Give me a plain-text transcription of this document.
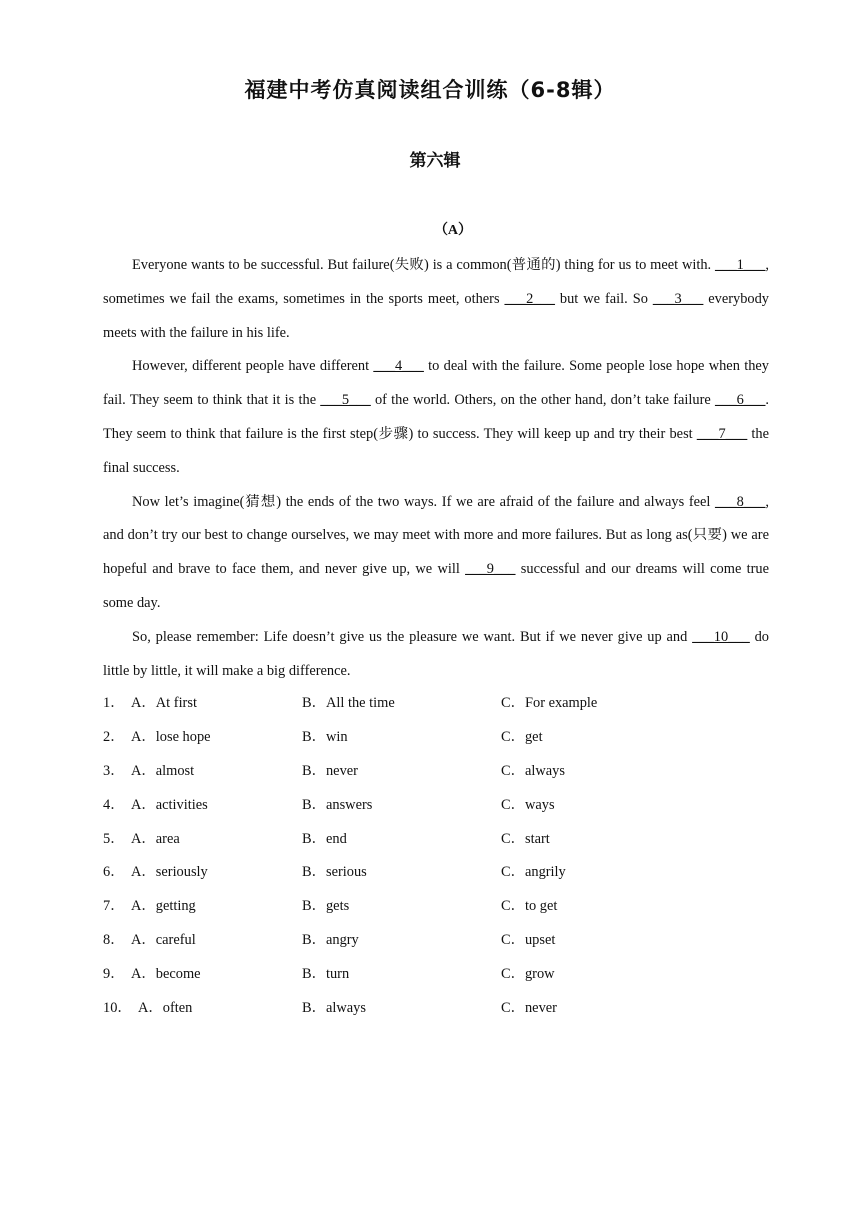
福建中考仿真阅读组合训练（6-8辑）
第六辑
（A）

Everyone wants to be successful. But failure(失败) is a common(普通的) thing for us to meet with. ___1___, sometimes we fail the exams, sometimes in the sports meet, others ___2___ but we fail. So ___3___ everybody meets with the failure in his life.

However, different people have different ___4___ to deal with the failure. Some people lose hope when they fail. They seem to think that it is the ___5___ of the world. Others, on the other hand, don’t take failure ___6___. They seem to think that failure is the first step(步骤) to success. They will keep up and try their best ___7___ the final success.

Now let’s imagine(猜想) the ends of the two ways. If we are afraid of the failure and always feel ___8___, and don’t try our best to change ourselves, we may meet with more and more failures. But as long as(只要) we are hopeful and brave to face them, and never give up, we will ___9___ successful and our dreams will come true some day.

So, please remember: Life doesn’t give us the pleasure we want. But if we never give up and ___10___ do little by little, it will make a big difference.

1． A．At first	B．All the time	C．For example
2． A．lose hope	B．win	C．get
3． A．almost	B．never	C．always
4． A．activities	B．answers	C．ways
5． A．area	B．end	C．start
6． A．seriously	B．serious	C．angrily
7． A．getting	B．gets	C．to get
8． A．careful	B．angry	C．upset
9． A．become	B．turn	C．grow
10． A．often	B．always	C．never
